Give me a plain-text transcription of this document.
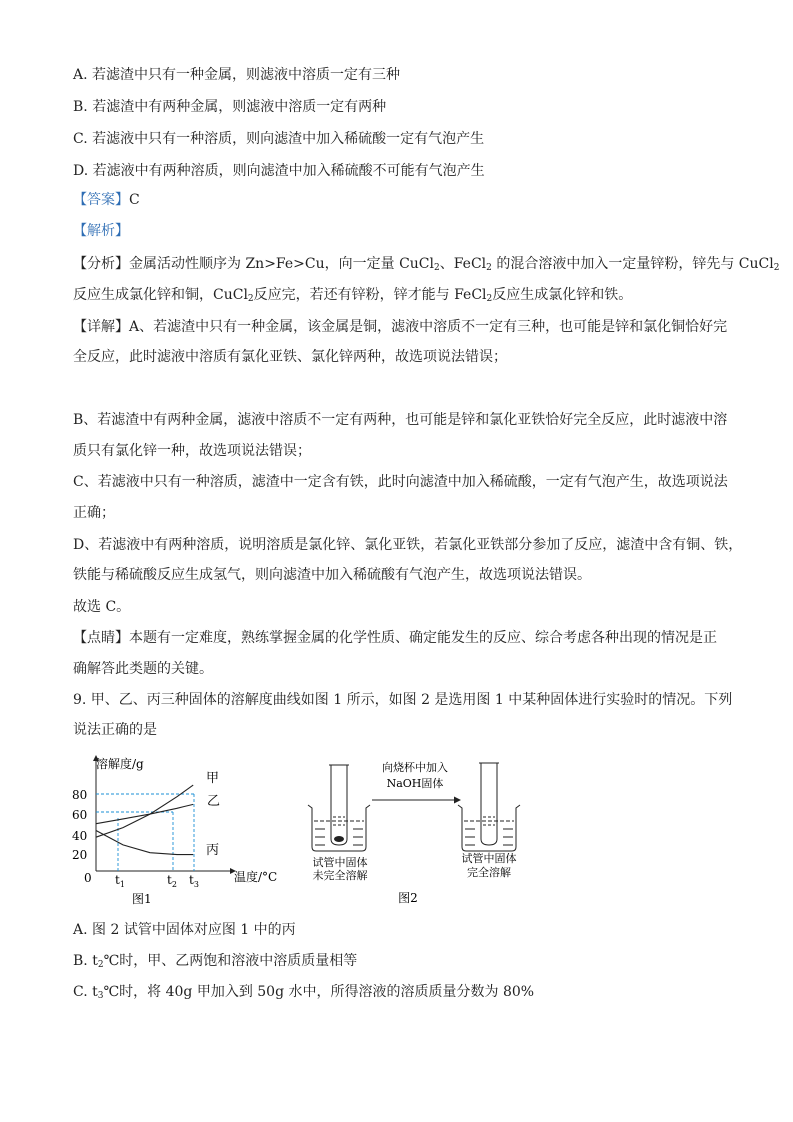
A. 若滤渣中只有一种金属，则滤液中溶质一定有三种
B. 若滤渣中有两种金属，则滤液中溶质一定有两种
C. 若滤液中只有一种溶质，则向滤渣中加入稀硫酸一定有气泡产生
D. 若滤液中有两种溶质，则向滤渣中加入稀硫酸不可能有气泡产生
【答案】C
【解析】
【分析】金属活动性顺序为 Zn>Fe>Cu，向一定量 CuCl$_2$、FeCl$_2$ 的混合溶液中加入一定量锌粉，锌先与 CuCl$_2$
反应生成氯化锌和铜，CuCl$_2$反应完，若还有锌粉，锌才能与 FeCl$_2$反应生成氯化锌和铁。
【详解】A、若滤渣中只有一种金属，该金属是铜，滤液中溶质不一定有三种，也可能是锌和氯化铜恰好完
全反应，此时滤液中溶质有氯化亚铁、氯化锌两种，故选项说法错误；
B、若滤渣中有两种金属，滤液中溶质不一定有两种，也可能是锌和氯化亚铁恰好完全反应，此时滤液中溶
质只有氯化锌一种，故选项说法错误；
C、若滤液中只有一种溶质，滤渣中一定含有铁，此时向滤渣中加入稀硫酸，一定有气泡产生，故选项说法
正确；
D、若滤液中有两种溶质，说明溶质是氯化锌、氯化亚铁，若氯化亚铁部分参加了反应，滤渣中含有铜、铁，
铁能与稀硫酸反应生成氢气，则向滤渣中加入稀硫酸有气泡产生，故选项说法错误。
故选 C。
【点睛】本题有一定难度，熟练掌握金属的化学性质、确定能发生的反应、综合考虑各种出现的情况是正
确解答此类题的关键。
9. 甲、乙、丙三种固体的溶解度曲线如图 1 所示，如图 2 是选用图 1 中某种固体进行实验时的情况。下列
说法正确的是
溶解度/g
温度/°C
0
80
60
40
20
$t_1$	$t_2$ $t_3$
甲
乙
丙
图1
向烧杯中加入
NaOH固体
试管中固体
未完全溶解
试管中固体
完全溶解
图2
A. 图 2 试管中固体对应图 1 中的丙
B. $t_2℃$时，甲、乙两饱和溶液中溶质质量相等
C. $t_3℃$时，将 40g 甲加入到 50g 水中，所得溶液的溶质质量分数为 80%
